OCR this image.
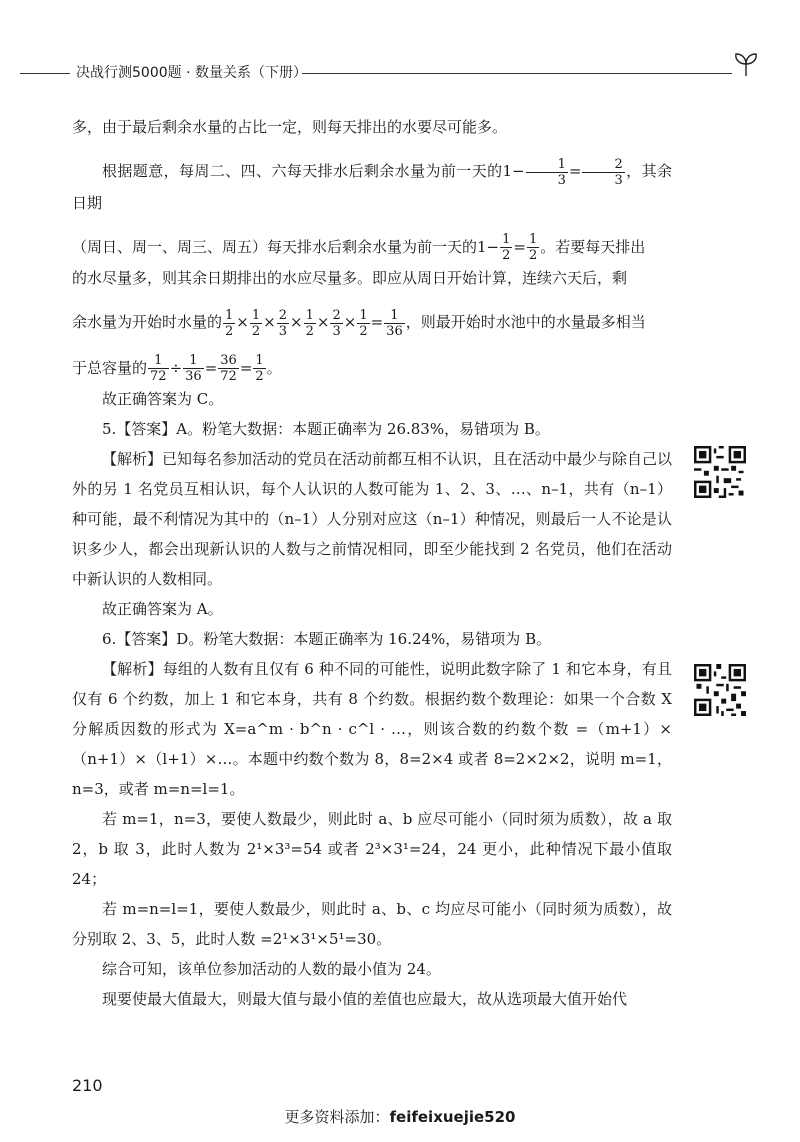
决战行测5000题 · 数量关系（下册）

多，由于最后剩余水量的占比一定，则每天排出的水要尽可能多。

根据题意，每周二、四、六每天排水后剩余水量为前一天的$1- \frac{1}{3} = \frac{2}{3}$ ，其余日期

（周日、周一、周三、周五）每天排水后剩余水量为前一天的$1- \frac{1}{2} = \frac{1}{2}$ 。若要每天排出

的水尽量多，则其余日期排出的水应尽量多。即应从周日开始计算，连续六天后，剩

余水量为开始时水量的 $\frac{1}{2} \times \frac{1}{2} \times \frac{2}{3} \times \frac{1}{2} \times \frac{2}{3} \times \frac{1}{2} = \frac{1}{36}$ ，则最开始时水池中的水量最多相当

于总容量的 $\frac{1}{72} \div \frac{1}{36} = \frac{36}{72} = \frac{1}{2}$ 。

故正确答案为 C。

5.【答案】A。粉笔大数据：本题正确率为 26.83%，易错项为 B。

【解析】已知每名参加活动的党员在活动前都互相不认识，且在活动中最少与除自己以外的另 1 名党员互相认识，每个人认识的人数可能为 1、2、3、…、n–1，共有（n–1）种可能，最不利情况为其中的（n–1）人分别对应这（n–1）种情况，则最后一人不论是认识多少人，都会出现新认识的人数与之前情况相同，即至少能找到 2 名党员，他们在活动中新认识的人数相同。

故正确答案为 A。

6.【答案】D。粉笔大数据：本题正确率为 16.24%，易错项为 B。

【解析】每组的人数有且仅有 6 种不同的可能性，说明此数字除了 1 和它本身，有且仅有 6 个约数，加上 1 和它本身，共有 8 个约数。根据约数个数理论：如果一个合数 X 分解质因数的形式为 X=a^m · b^n · c^l · …，则该合数的约数个数 =（m+1）×（n+1）×（l+1）×…。本题中约数个数为 8，8=2×4 或者 8=2×2×2，说明 m=1，n=3，或者 m=n=l=1。

若 m=1，n=3，要使人数最少，则此时 a、b 应尽可能小（同时须为质数），故 a 取 2，b 取 3，此时人数为 2¹×3³=54 或者 2³×3¹=24，24 更小，此种情况下最小值取 24；

若 m=n=l=1，要使人数最少，则此时 a、b、c 均应尽可能小（同时须为质数），故分别取 2、3、5，此时人数 =2¹×3¹×5¹=30。

综合可知，该单位参加活动的人数的最小值为 24。

现要使最大值最大，则最大值与最小值的差值也应最大，故从选项最大值开始代

210
更多资料添加：feifeixuejie520
